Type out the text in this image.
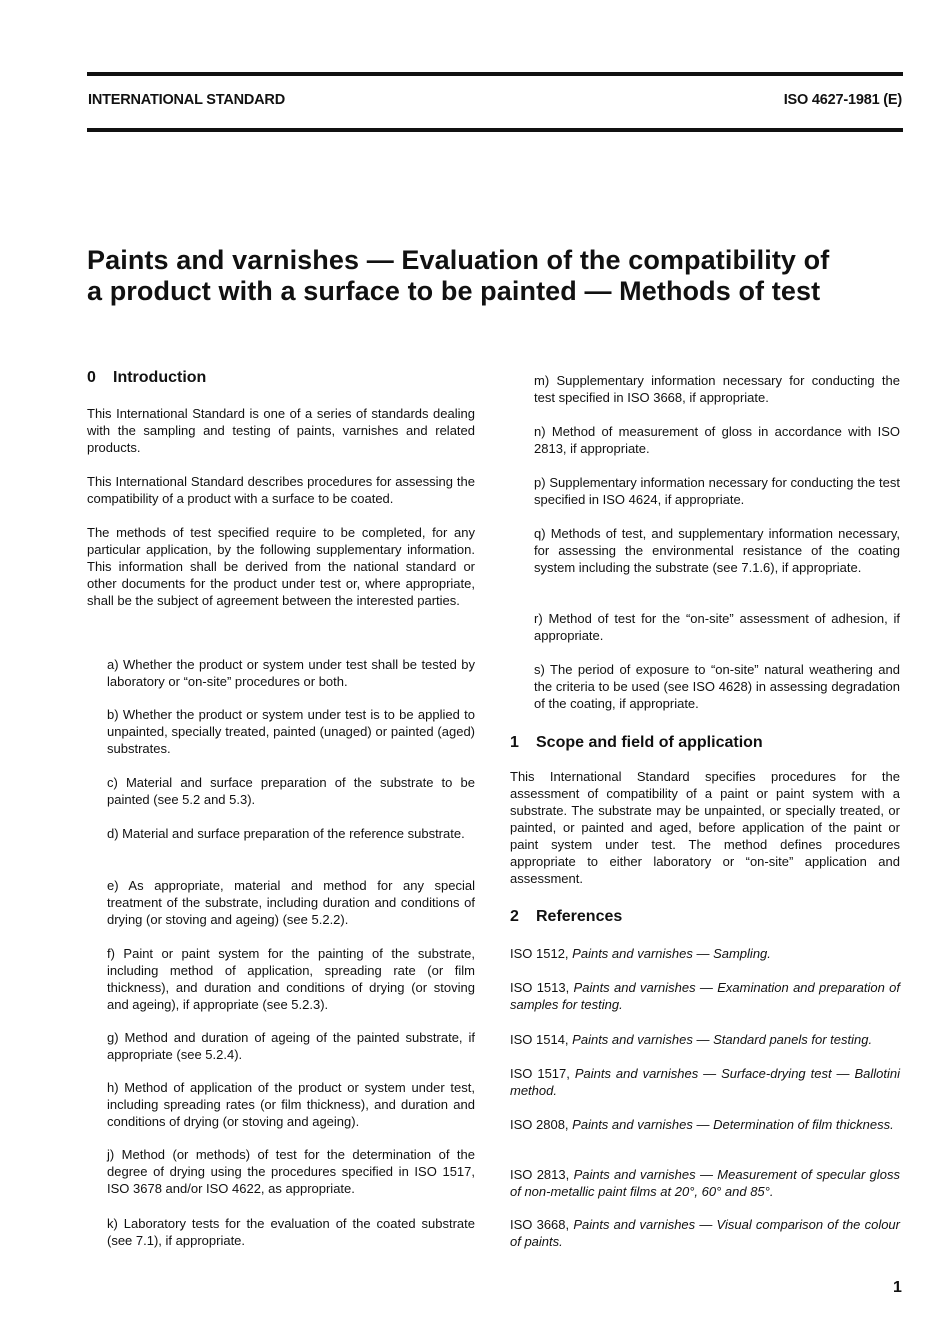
INTERNATIONAL STANDARD	ISO 4627-1981 (E)
Paints and varnishes — Evaluation of the compatibility of
a product with a surface to be painted — Methods of test
0 Introduction
This International Standard is one of a series of standards dealing with the sampling and testing of paints, varnishes and related products.
This International Standard describes procedures for assessing the compatibility of a product with a surface to be coated.
The methods of test specified require to be completed, for any particular application, by the following supplementary information. This information shall be derived from the national standard or other documents for the product under test or, where appropriate, shall be the subject of agreement between the interested parties.
a) Whether the product or system under test shall be tested by laboratory or “on-site” procedures or both.
b) Whether the product or system under test is to be applied to unpainted, specially treated, painted (unaged) or painted (aged) substrates.
c) Material and surface preparation of the substrate to be painted (see 5.2 and 5.3).
d) Material and surface preparation of the reference substrate.
e) As appropriate, material and method for any special treatment of the substrate, including duration and conditions of drying (or stoving and ageing) (see 5.2.2).
f) Paint or paint system for the painting of the substrate, including method of application, spreading rate (or film thickness), and duration and conditions of drying (or stoving and ageing), if appropriate (see 5.2.3).
g) Method and duration of ageing of the painted substrate, if appropriate (see 5.2.4).
h) Method of application of the product or system under test, including spreading rates (or film thickness), and duration and conditions of drying (or stoving and ageing).
j) Method (or methods) of test for the determination of the degree of drying using the procedures specified in ISO 1517, ISO 3678 and/or ISO 4622, as appropriate.
k) Laboratory tests for the evaluation of the coated substrate (see 7.1), if appropriate.
m) Supplementary information necessary for conducting the test specified in ISO 3668, if appropriate.
n) Method of measurement of gloss in accordance with ISO 2813, if appropriate.
p) Supplementary information necessary for conducting the test specified in ISO 4624, if appropriate.
q) Methods of test, and supplementary information necessary, for assessing the environmental resistance of the coating system including the substrate (see 7.1.6), if appropriate.
r) Method of test for the “on-site” assessment of adhesion, if appropriate.
s) The period of exposure to “on-site” natural weathering and the criteria to be used (see ISO 4628) in assessing degradation of the coating, if appropriate.
1 Scope and field of application
This International Standard specifies procedures for the assessment of compatibility of a paint or paint system with a substrate. The substrate may be unpainted, or specially treated, or painted, or painted and aged, before application of the paint or paint system under test. The method defines procedures appropriate to either laboratory or “on-site” application and assessment.
2 References
ISO 1512, Paints and varnishes — Sampling.
ISO 1513, Paints and varnishes — Examination and preparation of samples for testing.
ISO 1514, Paints and varnishes — Standard panels for testing.
ISO 1517, Paints and varnishes — Surface-drying test — Ballotini method.
ISO 2808, Paints and varnishes — Determination of film thickness.
ISO 2813, Paints and varnishes — Measurement of specular gloss of non-metallic paint films at 20°, 60° and 85°.
ISO 3668, Paints and varnishes — Visual comparison of the colour of paints.
1
